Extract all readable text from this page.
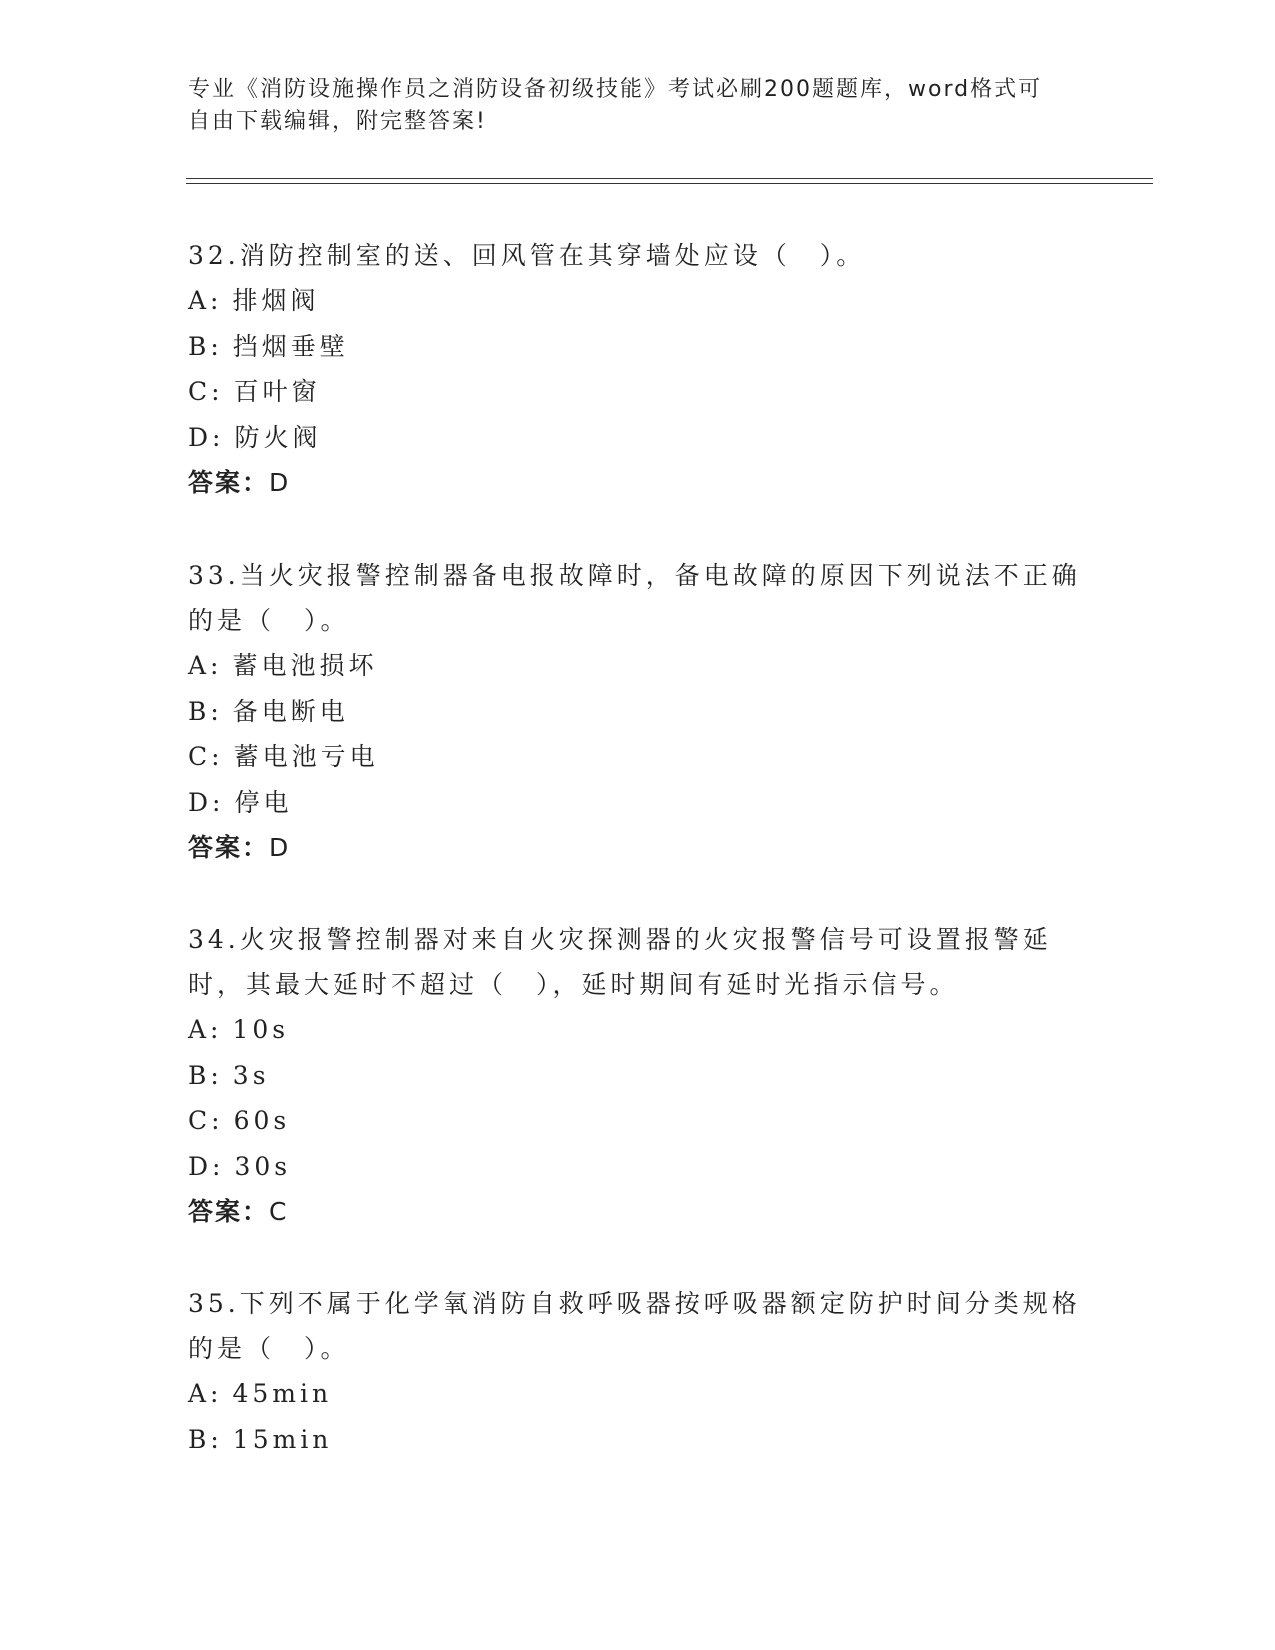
专业《消防设施操作员之消防设备初级技能》考试必刷200题题库，word格式可
自由下载编辑，附完整答案!

32.消防控制室的送、回风管在其穿墙处应设（　）。

A: 排烟阀

B: 挡烟垂壁

C: 百叶窗

D: 防火阀

答案：D

33.当火灾报警控制器备电报故障时，备电故障的原因下列说法不正确的是（　）。

A: 蓄电池损坏

B: 备电断电

C: 蓄电池亏电

D: 停电

答案：D

34.火灾报警控制器对来自火灾探测器的火灾报警信号可设置报警延时，其最大延时不超过（　），延时期间有延时光指示信号。

A: 10s

B: 3s

C: 60s

D: 30s

答案：C

35.下列不属于化学氧消防自救呼吸器按呼吸器额定防护时间分类规格的是（　）。

A: 45min

B: 15min
